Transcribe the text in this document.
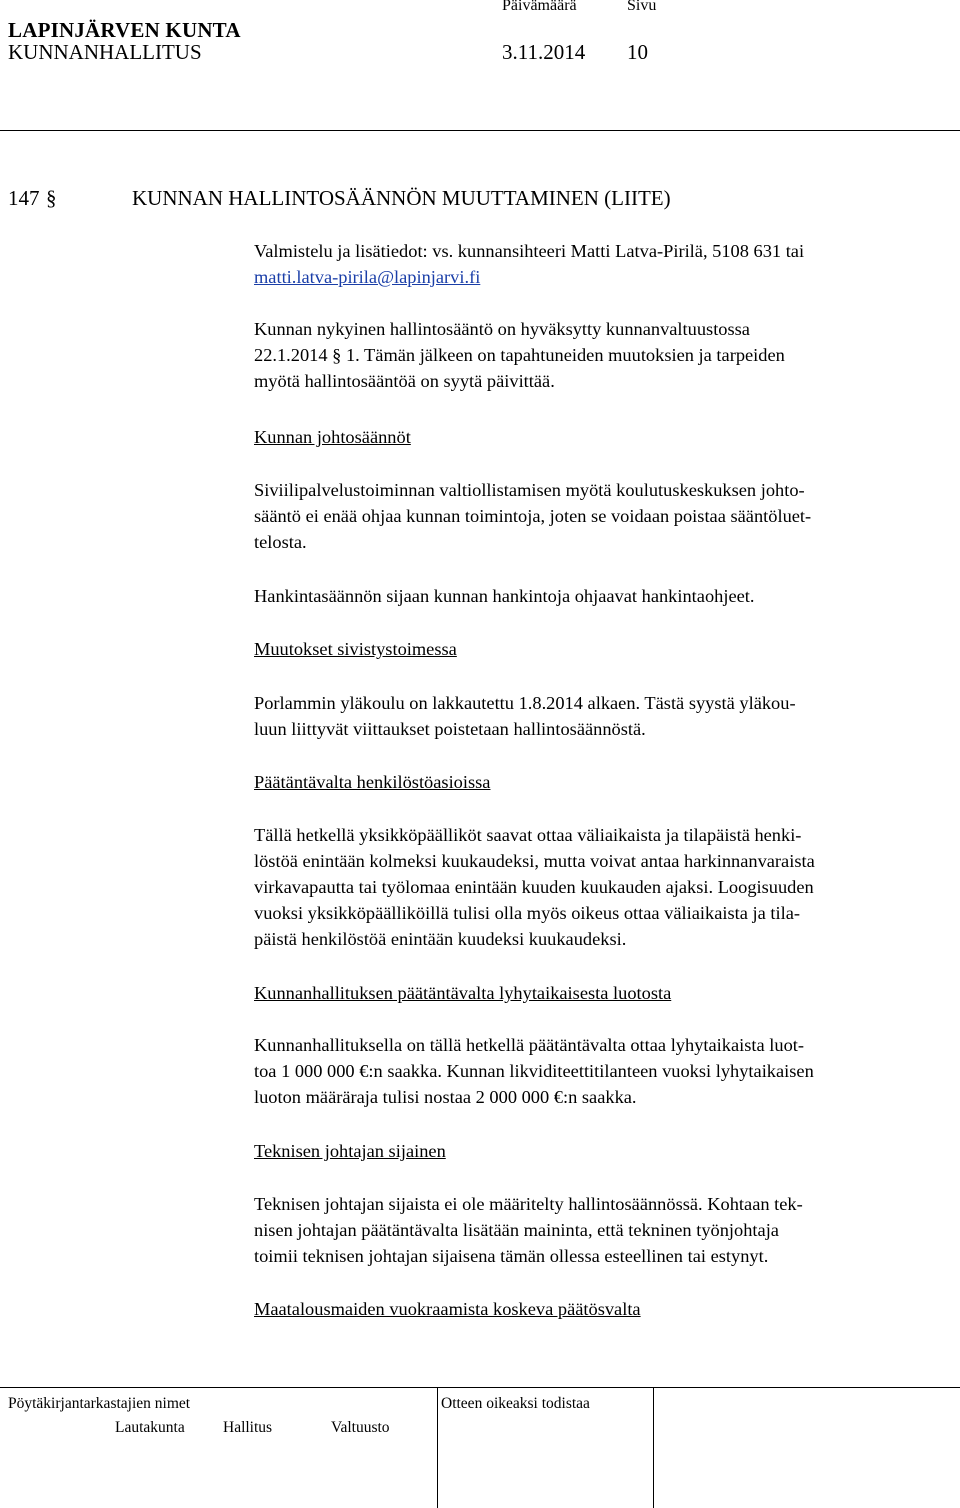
Päivämäärä	Sivu
LAPINJÄRVEN KUNTA
KUNNANHALLITUS	3.11.2014 10
147 §	KUNNAN HALLINTOSÄÄNNÖN MUUTTAMINEN (LIITE)
Valmistelu ja lisätiedot: vs. kunnansihteeri Matti Latva-Pirilä, 5108 631 tai
matti.latva-pirila@lapinjarvi.fi
Kunnan nykyinen hallintosääntö on hyväksytty kunnanvaltuustossa
22.1.2014 § 1. Tämän jälkeen on tapahtuneiden muutoksien ja tarpeiden
myötä hallintosääntöä on syytä päivittää.
Kunnan johtosäännöt
Siviilipalvelustoiminnan valtiollistamisen myötä koulutuskeskuksen johto-
sääntö ei enää ohjaa kunnan toimintoja, joten se voidaan poistaa sääntöluet-
telosta.
Hankintasäännön sijaan kunnan hankintoja ohjaavat hankintaohjeet.
Muutokset sivistystoimessa
Porlammin yläkoulu on lakkautettu 1.8.2014 alkaen. Tästä syystä yläkou-
luun liittyvät viittaukset poistetaan hallintosäännöstä.
Päätäntävalta henkilöstöasioissa
Tällä hetkellä yksikköpäälliköt saavat ottaa väliaikaista ja tilapäistä henki-
löstöä enintään kolmeksi kuukaudeksi, mutta voivat antaa harkinnanvaraista
virkavapautta tai työlomaa enintään kuuden kuukauden ajaksi. Loogisuuden
vuoksi yksikköpäälliköillä tulisi olla myös oikeus ottaa väliaikaista ja tila-
päistä henkilöstöä enintään kuudeksi kuukaudeksi.
Kunnanhallituksen päätäntävalta lyhytaikaisesta luotosta
Kunnanhallituksella on tällä hetkellä päätäntävalta ottaa lyhytaikaista luot-
toa 1 000 000 €:n saakka. Kunnan likviditeettitilanteen vuoksi lyhytaikaisen
luoton määräraja tulisi nostaa 2 000 000 €:n saakka.
Teknisen johtajan sijainen
Teknisen johtajan sijaista ei ole määritelty hallintosäännössä. Kohtaan tek-
nisen johtajan päätäntävalta lisätään maininta, että tekninen työnjohtaja
toimii teknisen johtajan sijaisena tämän ollessa esteellinen tai estynyt.
Maatalousmaiden vuokraamista koskeva päätösvalta
Pöytäkirjantarkastajien nimet	Otteen oikeaksi todistaa
Lautakunta Hallitus	Valtuusto
